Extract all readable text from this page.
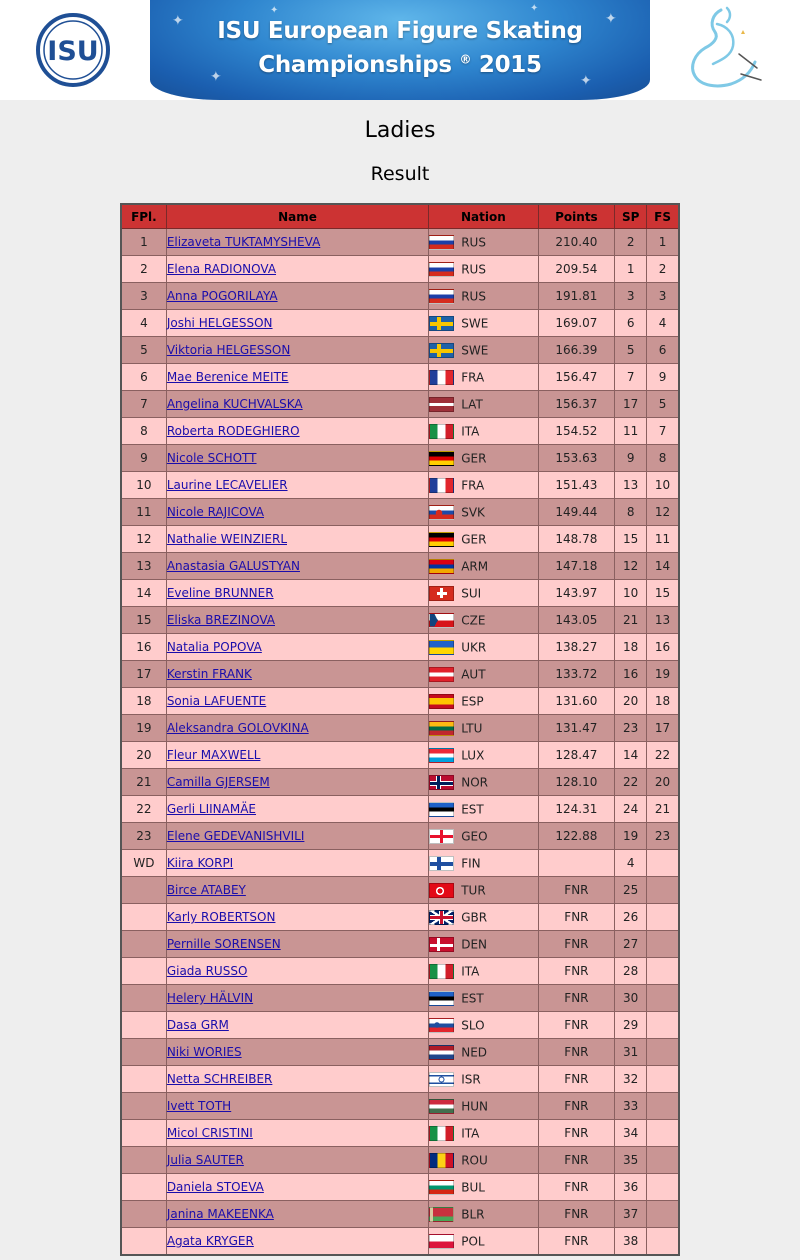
ISU
✦
✦
✦
✦
✦	✦
ISU European Figure Skating
Championships ® 2015
Ladies
Result
FPl.	Name	Nation	Points	SP	FS
1	Elizaveta TUKTAMYSHEVA	RUS	210.40	2	1
2	Elena RADIONOVA	RUS	209.54	1	2
3	Anna POGORILAYA	RUS	191.81	3	3
4	Joshi HELGESSON	SWE	169.07	6	4
5	Viktoria HELGESSON	SWE	166.39	5	6
6	Mae Berenice MEITE	FRA	156.47	7	9
7	Angelina KUCHVALSKA	LAT	156.37	17	5
8	Roberta RODEGHIERO	ITA	154.52	11	7
9	Nicole SCHOTT	GER	153.63	9	8
10	Laurine LECAVELIER	FRA	151.43	13	10
11	Nicole RAJICOVA	SVK	149.44	8	12
12	Nathalie WEINZIERL	GER	148.78	15	11
13	Anastasia GALUSTYAN	ARM	147.18	12	14
14	Eveline BRUNNER	SUI	143.97	10	15
15	Eliska BREZINOVA	CZE	143.05	21	13
16	Natalia POPOVA	UKR	138.27	18	16
17	Kerstin FRANK	AUT	133.72	16	19
18	Sonia LAFUENTE	ESP	131.60	20	18
19	Aleksandra GOLOVKINA	LTU	131.47	23	17
20	Fleur MAXWELL	LUX	128.47	14	22
21	Camilla GJERSEM	NOR	128.10	22	20
22	Gerli LIINAMÄE	EST	124.31	24	21
23	Elene GEDEVANISHVILI	GEO	122.88	19	23
WD	Kiira KORPI	FIN		4	
	Birce ATABEY	TUR	FNR	25	
	Karly ROBERTSON	GBR	FNR	26	
	Pernille SORENSEN	DEN	FNR	27	
	Giada RUSSO	ITA	FNR	28	
	Helery HÄLVIN	EST	FNR	30	
	Dasa GRM	SLO	FNR	29	
	Niki WORIES	NED	FNR	31	
	Netta SCHREIBER	ISR	FNR	32	
	Ivett TOTH	HUN	FNR	33	
	Micol CRISTINI	ITA	FNR	34	
	Julia SAUTER	ROU	FNR	35	
	Daniela STOEVA	BUL	FNR	36	
	Janina MAKEENKA	BLR	FNR	37	
	Agata KRYGER	POL	FNR	38	
